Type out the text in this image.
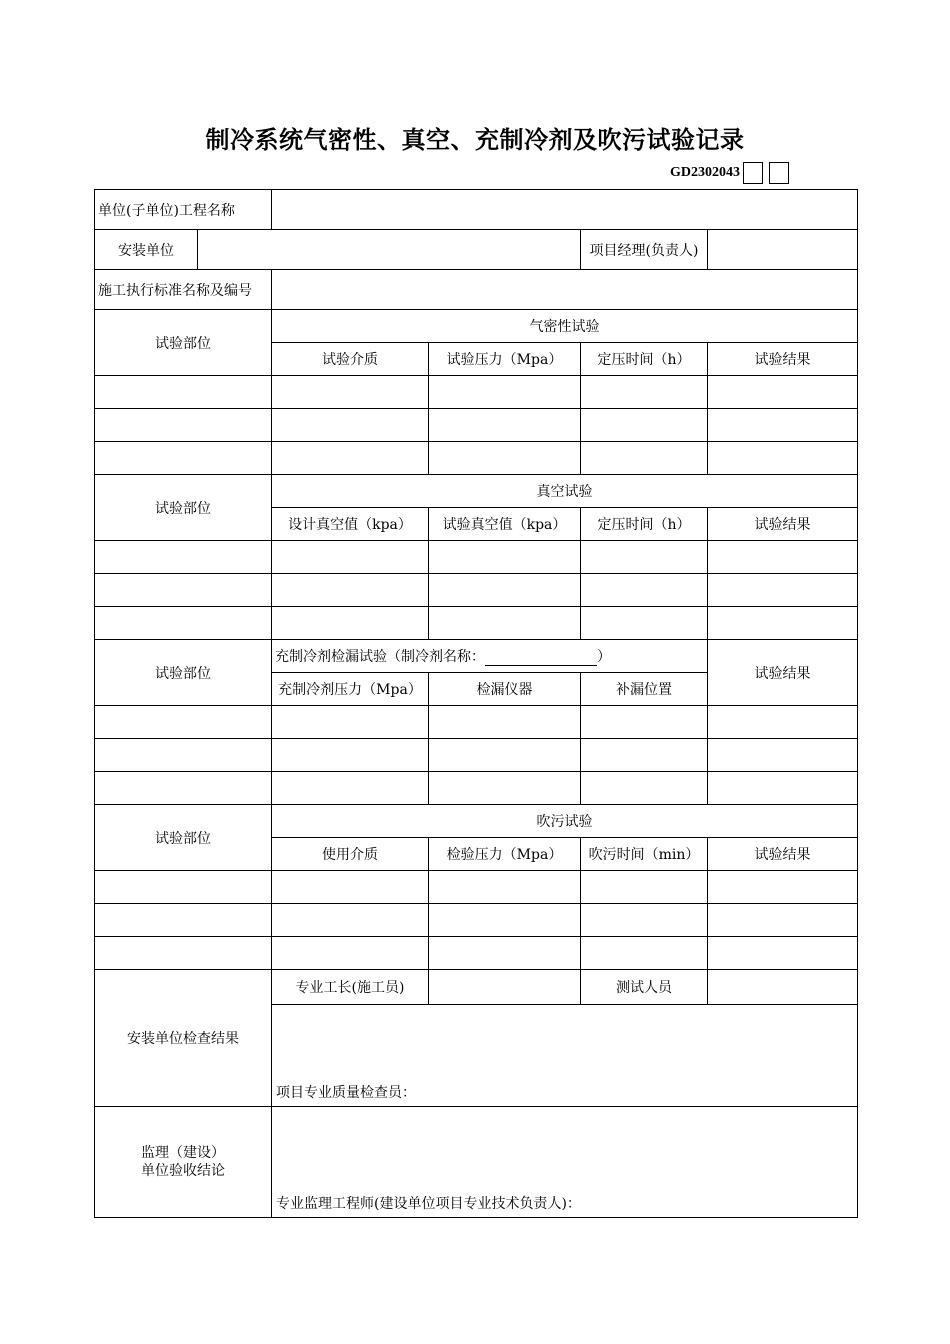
制冷系统气密性、真空、充制冷剂及吹污试验记录
GD2302043
单位(子单位)工程名称					
安装单位				项目经理(负责人)	
施工执行标准名称及编号					
试验部位		气密性试验			
		试验介质	试验压力（Mpa）	定压时间（h）	试验结果

试验部位		真空试验			
		设计真空值（kpa）	试验真空值（kpa）	定压时间（h）	试验结果

试验部位		充制冷剂检漏试验（制冷剂名称： ）			试验结果
		充制冷剂压力（Mpa）	检漏仪器	补漏位置	

试验部位		吹污试验			
		使用介质	检验压力（Mpa）	吹污时间（min）	试验结果

安装单位检查结果		专业工长(施工员)		测试人员	
		项目专业质量检查员：			

监理（建设）
单位验收结论		专业监理工程师(建设单位项目专业技术负责人)：			
